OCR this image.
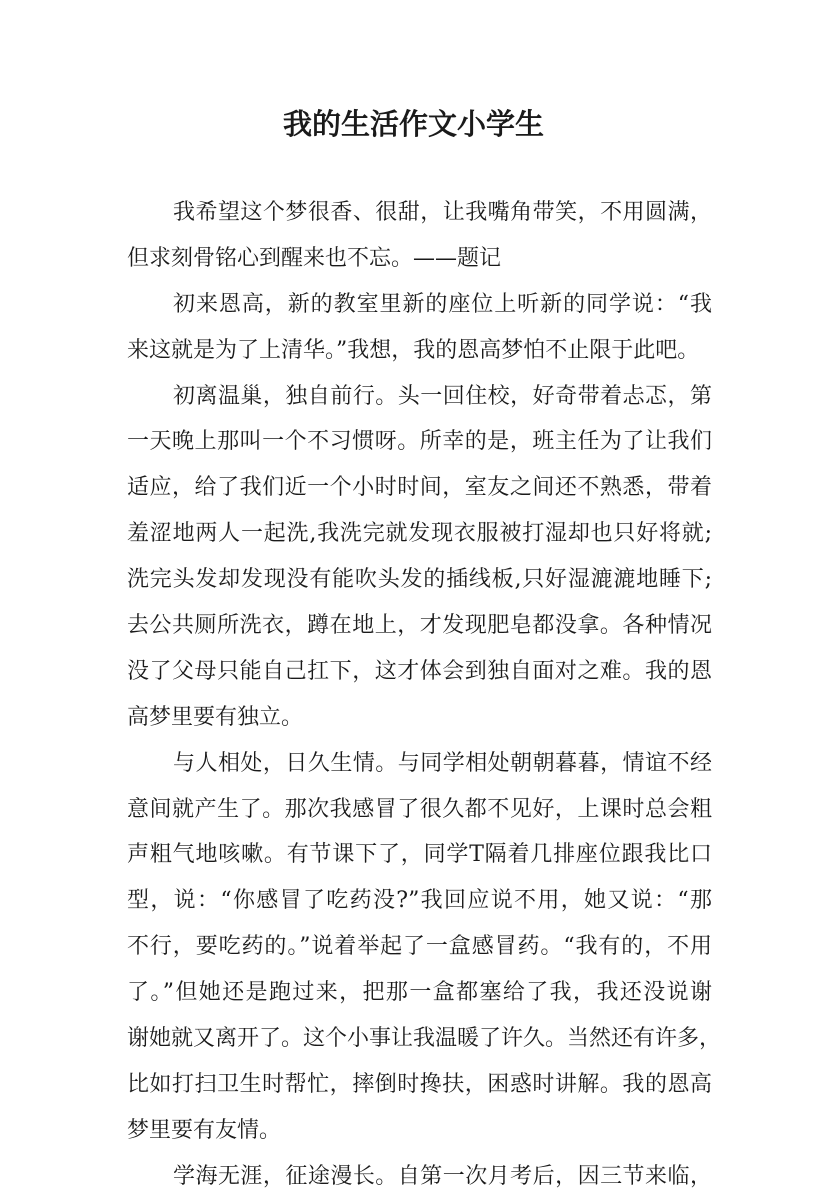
我的生活作文小学生
我希望这个梦很香、很甜，让我嘴角带笑，不用圆满，
但求刻骨铭心到醒来也不忘。——题记
初来恩高，新的教室里新的座位上听新的同学说：“我
来这就是为了上清华。”我想，我的恩高梦怕不止限于此吧。
初离温巢，独自前行。头一回住校，好奇带着忐忑，第
一天晚上那叫一个不习惯呀。所幸的是，班主任为了让我们
适应，给了我们近一个小时时间，室友之间还不熟悉，带着
羞涩地两人一起洗,我洗完就发现衣服被打湿却也只好将就;
洗完头发却发现没有能吹头发的插线板,只好湿漉漉地睡下;
去公共厕所洗衣，蹲在地上，才发现肥皂都没拿。各种情况
没了父母只能自己扛下，这才体会到独自面对之难。我的恩
高梦里要有独立。
与人相处，日久生情。与同学相处朝朝暮暮，情谊不经
意间就产生了。那次我感冒了很久都不见好，上课时总会粗
声粗气地咳嗽。有节课下了，同学T隔着几排座位跟我比口
型，说：“你感冒了吃药没?”我回应说不用，她又说：“那
不行，要吃药的。”说着举起了一盒感冒药。“我有的，不用
了。”但她还是跑过来，把那一盒都塞给了我，我还没说谢
谢她就又离开了。这个小事让我温暖了许久。当然还有许多，
比如打扫卫生时帮忙，摔倒时搀扶，困惑时讲解。我的恩高
梦里要有友情。
学海无涯，征途漫长。自第一次月考后，因三节来临，
